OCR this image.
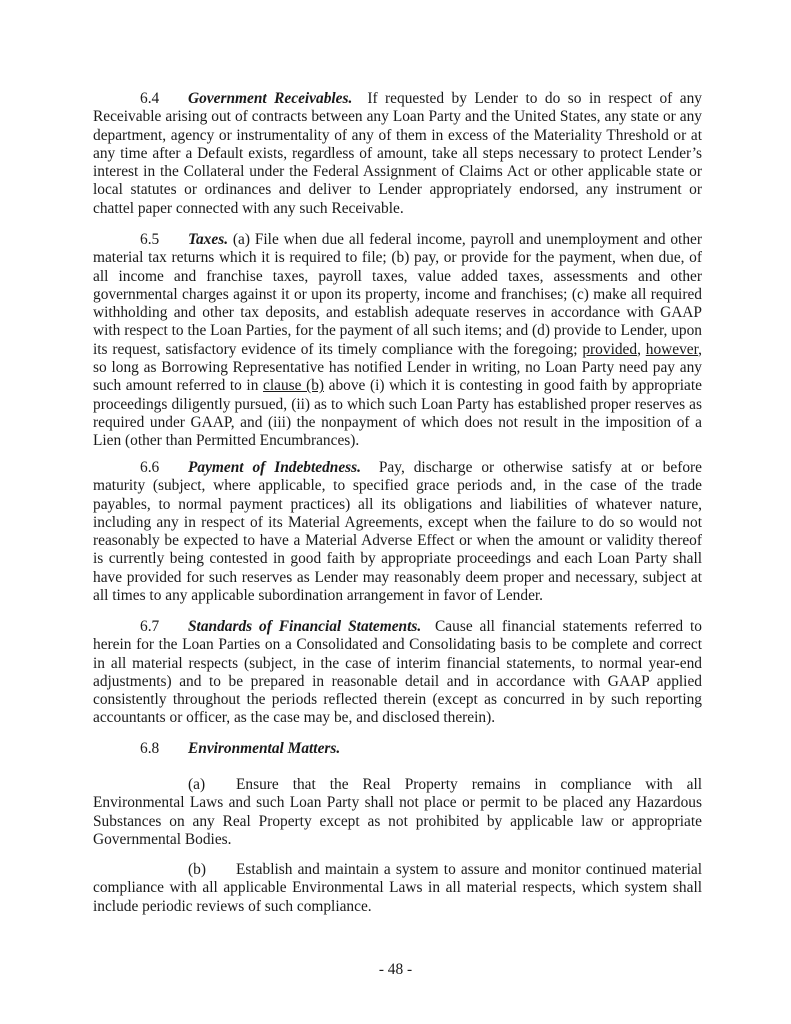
6.4 Government Receivables. If requested by Lender to do so in respect of any Receivable arising out of contracts between any Loan Party and the United States, any state or any department, agency or instrumentality of any of them in excess of the Materiality Threshold or at any time after a Default exists, regardless of amount, take all steps necessary to protect Lender’s interest in the Collateral under the Federal Assignment of Claims Act or other applicable state or local statutes or ordinances and deliver to Lender appropriately endorsed, any instrument or chattel paper connected with any such Receivable.

6.5 Taxes. (a) File when due all federal income, payroll and unemployment and other material tax returns which it is required to file; (b) pay, or provide for the payment, when due, of all income and franchise taxes, payroll taxes, value added taxes, assessments and other governmental charges against it or upon its property, income and franchises; (c) make all required withholding and other tax deposits, and establish adequate reserves in accordance with GAAP with respect to the Loan Parties, for the payment of all such items; and (d) provide to Lender, upon its request, satisfactory evidence of its timely compliance with the foregoing; provided, however, so long as Borrowing Representative has notified Lender in writing, no Loan Party need pay any such amount referred to in clause (b) above (i) which it is contesting in good faith by appropriate proceedings diligently pursued, (ii) as to which such Loan Party has established proper reserves as required under GAAP, and (iii) the nonpayment of which does not result in the imposition of a Lien (other than Permitted Encumbrances).

6.6 Payment of Indebtedness. Pay, discharge or otherwise satisfy at or before maturity (subject, where applicable, to specified grace periods and, in the case of the trade payables, to normal payment practices) all its obligations and liabilities of whatever nature, including any in respect of its Material Agreements, except when the failure to do so would not reasonably be expected to have a Material Adverse Effect or when the amount or validity thereof is currently being contested in good faith by appropriate proceedings and each Loan Party shall have provided for such reserves as Lender may reasonably deem proper and necessary, subject at all times to any applicable subordination arrangement in favor of Lender.

6.7 Standards of Financial Statements. Cause all financial statements referred to herein for the Loan Parties on a Consolidated and Consolidating basis to be complete and correct in all material respects (subject, in the case of interim financial statements, to normal year-end adjustments) and to be prepared in reasonable detail and in accordance with GAAP applied consistently throughout the periods reflected therein (except as concurred in by such reporting accountants or officer, as the case may be, and disclosed therein).

6.8 Environmental Matters.

(a) Ensure that the Real Property remains in compliance with all Environmental Laws and such Loan Party shall not place or permit to be placed any Hazardous Substances on any Real Property except as not prohibited by applicable law or appropriate Governmental Bodies.

(b) Establish and maintain a system to assure and monitor continued material compliance with all applicable Environmental Laws in all material respects, which system shall include periodic reviews of such compliance.

- 48 -
